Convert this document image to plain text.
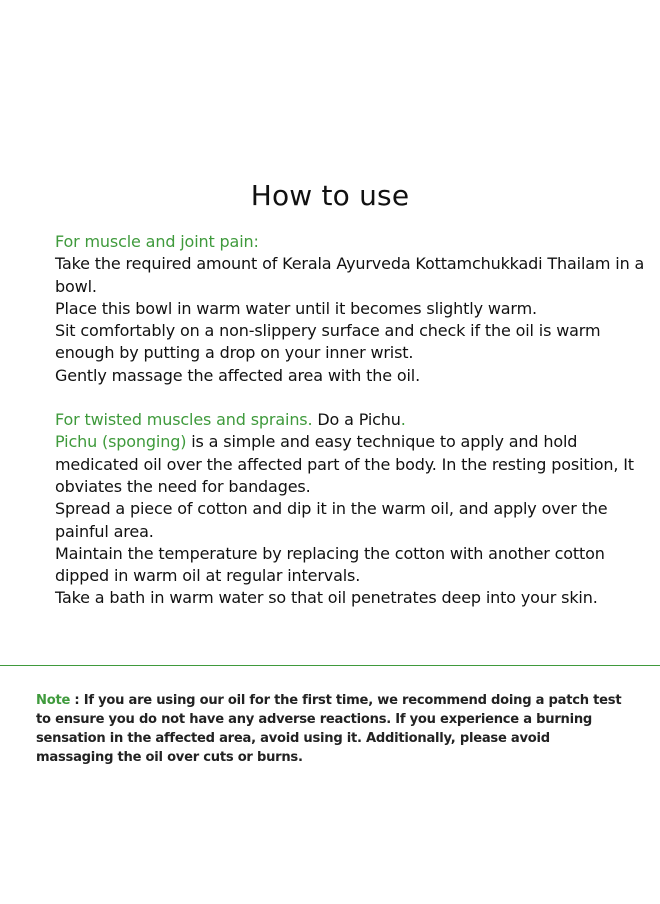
How to use

For muscle and joint pain:

Take the required amount of Kerala Ayurveda Kottamchukkadi Thailam in a bowl.

Place this bowl in warm water until it becomes slightly warm.

Sit comfortably on a non-slippery surface and check if the oil is warm enough by putting a drop on your inner wrist.

Gently massage the affected area with the oil.

For twisted muscles and sprains. Do a Pichu.

Pichu (sponging) is a simple and easy technique to apply and hold medicated oil over the affected part of the body. In the resting position, It obviates the need for bandages.

Spread a piece of cotton and dip it in the warm oil, and apply over the painful area.

Maintain the temperature by replacing the cotton with another cotton dipped in warm oil at regular intervals.

Take a bath in warm water so that oil penetrates deep into your skin.

Note : If you are using our oil for the first time, we recommend doing a patch test to ensure you do not have any adverse reactions. If you experience a burning sensation in the affected area, avoid using it. Additionally, please avoid massaging the oil over cuts or burns.
